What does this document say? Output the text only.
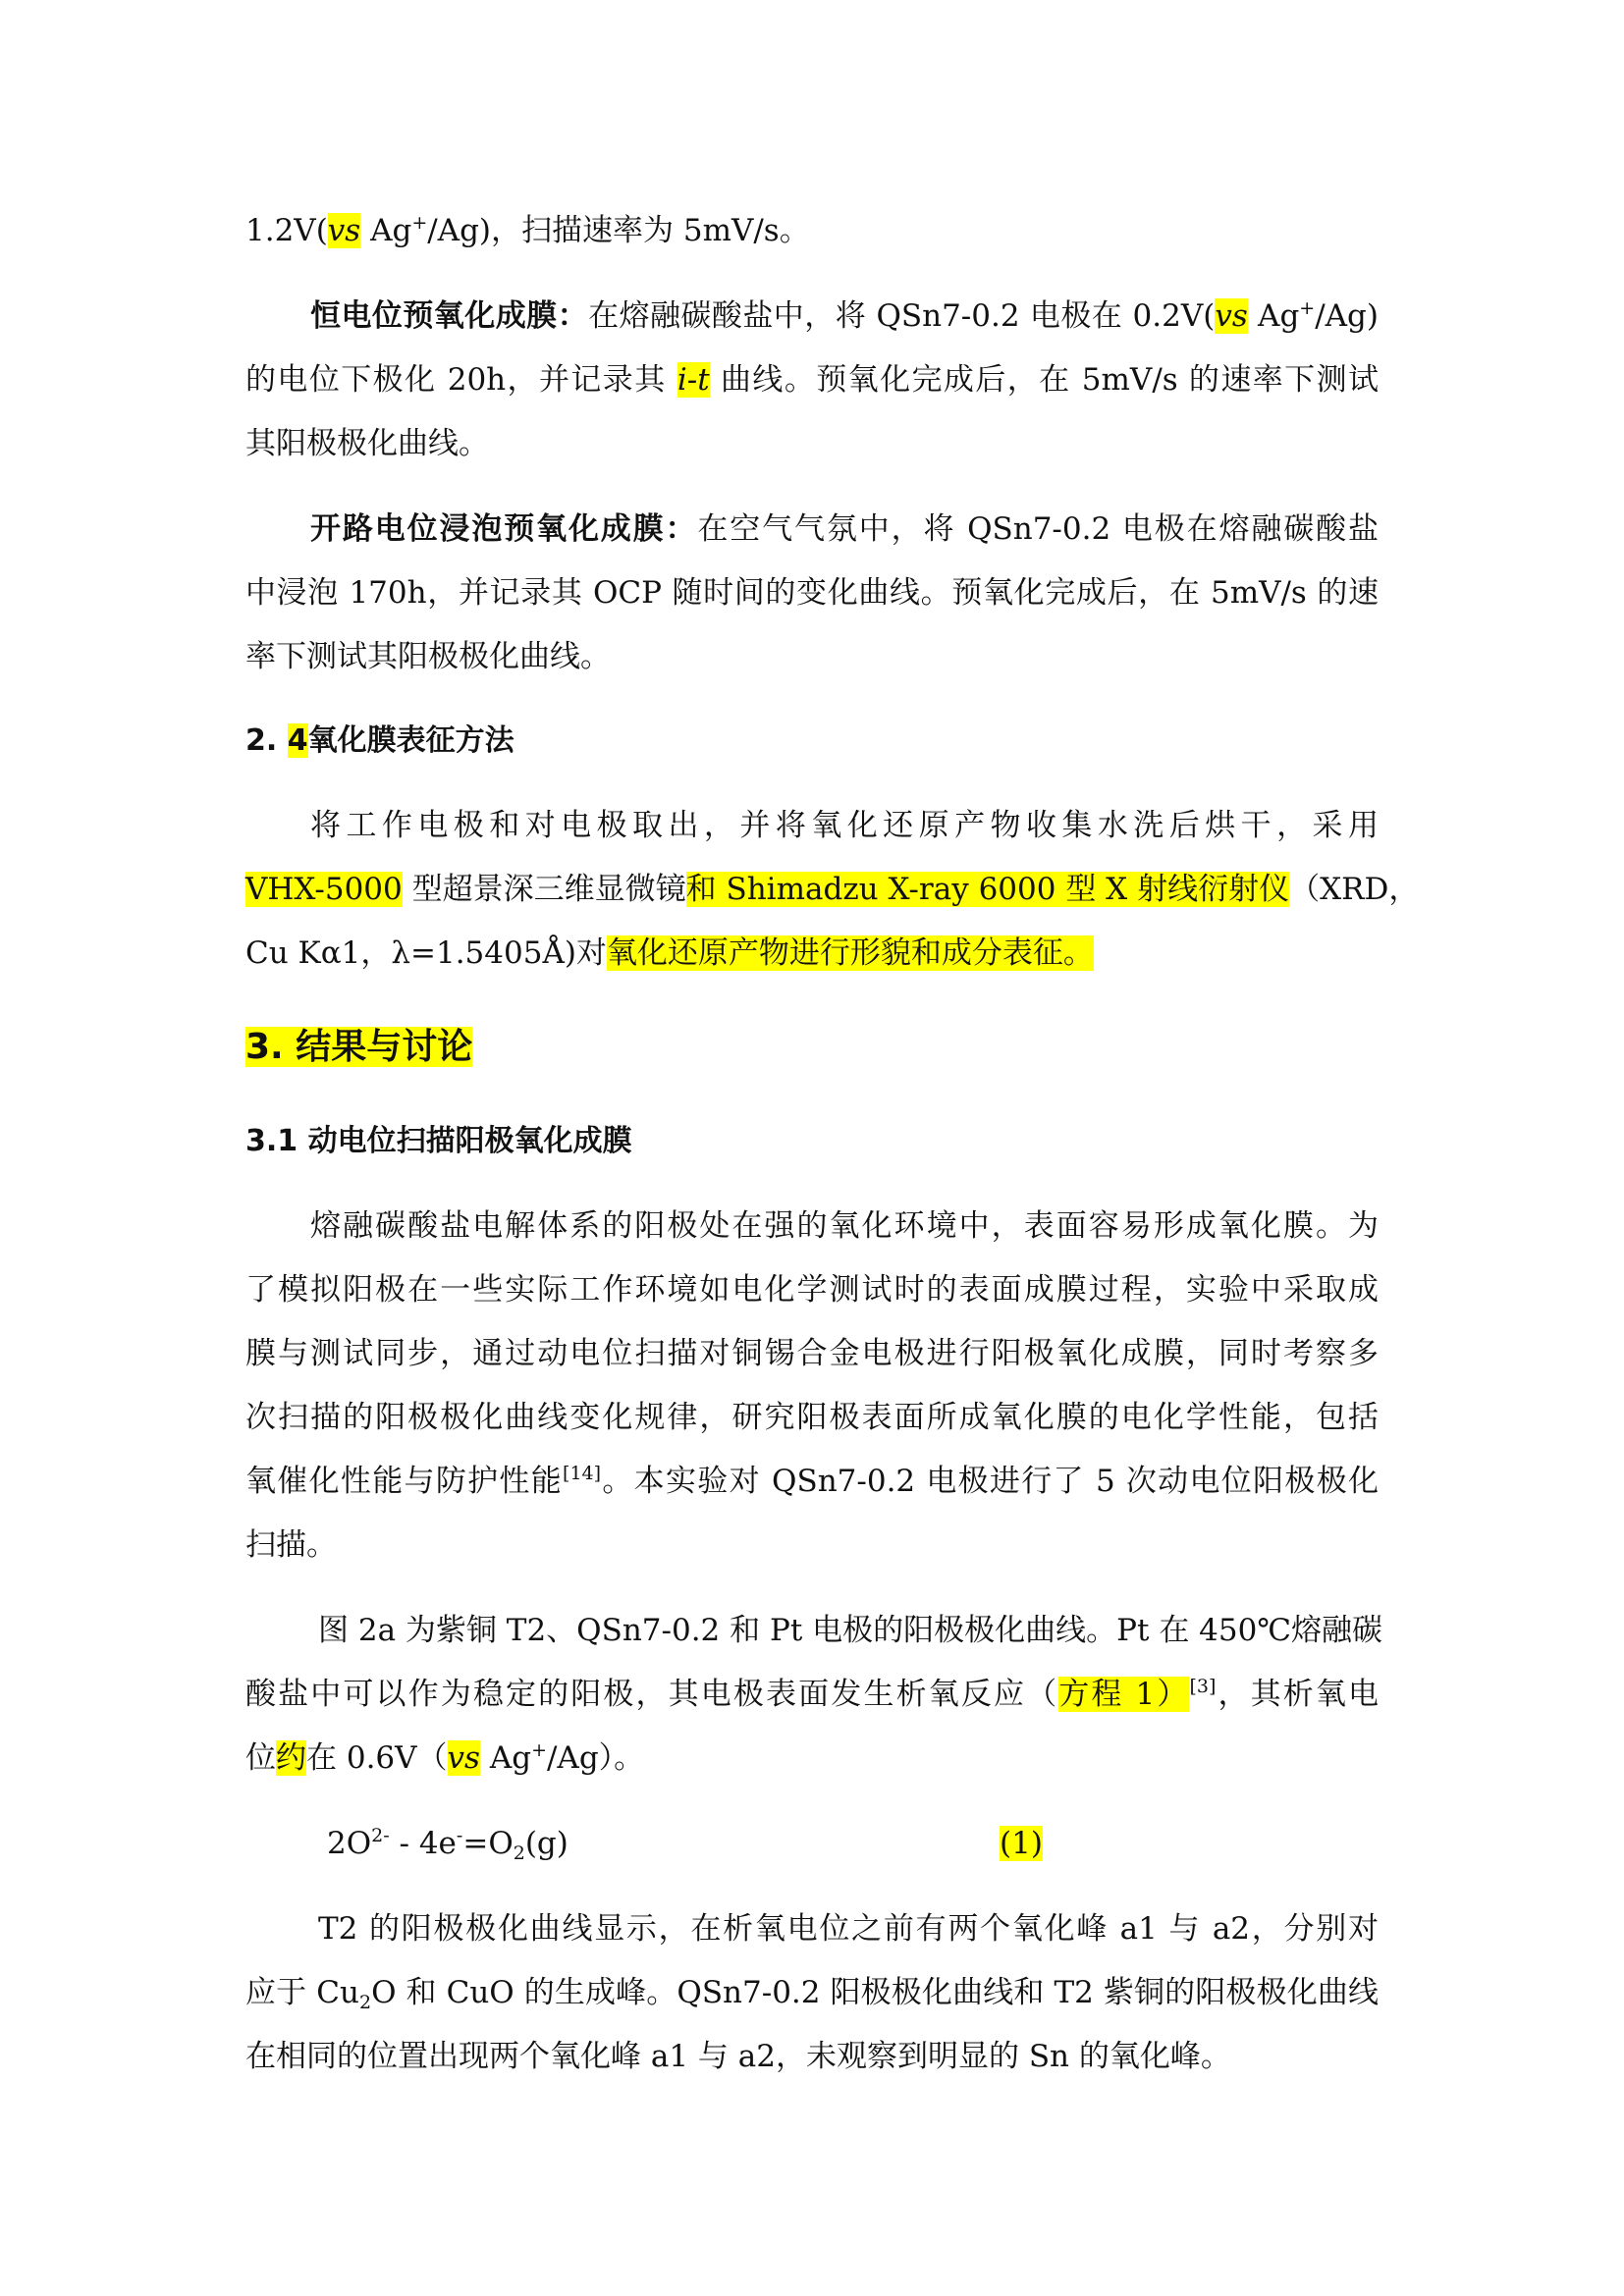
1.2V(vs Ag+/Ag)，扫描速率为 5mV/s。

恒电位预氧化成膜：在熔融碳酸盐中，将 QSn7-0.2 电极在 0.2V(vs Ag+/Ag)

的电位下极化 20h，并记录其 i-t 曲线。预氧化完成后，在 5mV/s 的速率下测试

其阳极极化曲线。

开路电位浸泡预氧化成膜：在空气气氛中，将 QSn7-0.2 电极在熔融碳酸盐

中浸泡 170h，并记录其 OCP 随时间的变化曲线。预氧化完成后，在 5mV/s 的速

率下测试其阳极极化曲线。

2. 4氧化膜表征方法

将工作电极和对电极取出，并将氧化还原产物收集水洗后烘干，采用

VHX-5000 型超景深三维显微镜和 Shimadzu X-ray 6000 型 X 射线衍射仪（XRD，

Cu Kα1，λ=1.5405Å)对氧化还原产物进行形貌和成分表征。

3. 结果与讨论

3.1 动电位扫描阳极氧化成膜

熔融碳酸盐电解体系的阳极处在强的氧化环境中，表面容易形成氧化膜。为

了模拟阳极在一些实际工作环境如电化学测试时的表面成膜过程，实验中采取成

膜与测试同步，通过动电位扫描对铜锡合金电极进行阳极氧化成膜，同时考察多

次扫描的阳极极化曲线变化规律，研究阳极表面所成氧化膜的电化学性能，包括

氧催化性能与防护性能[14]。本实验对 QSn7-0.2 电极进行了 5 次动电位阳极极化

扫描。

图 2a 为紫铜 T2、QSn7-0.2 和 Pt 电极的阳极极化曲线。Pt 在 450℃熔融碳

酸盐中可以作为稳定的阳极，其电极表面发生析氧反应（方程 1）[3]，其析氧电

位约在 0.6V（vs Ag+/Ag）。

$2O^{2-} - 4e^-=O_2(g)$	(1)

T2 的阳极极化曲线显示，在析氧电位之前有两个氧化峰 a1 与 a2，分别对

应于 $Cu_2O$ 和 CuO 的生成峰。QSn7-0.2 阳极极化曲线和 T2 紫铜的阳极极化曲线

在相同的位置出现两个氧化峰 a1 与 a2，未观察到明显的 Sn 的氧化峰。
